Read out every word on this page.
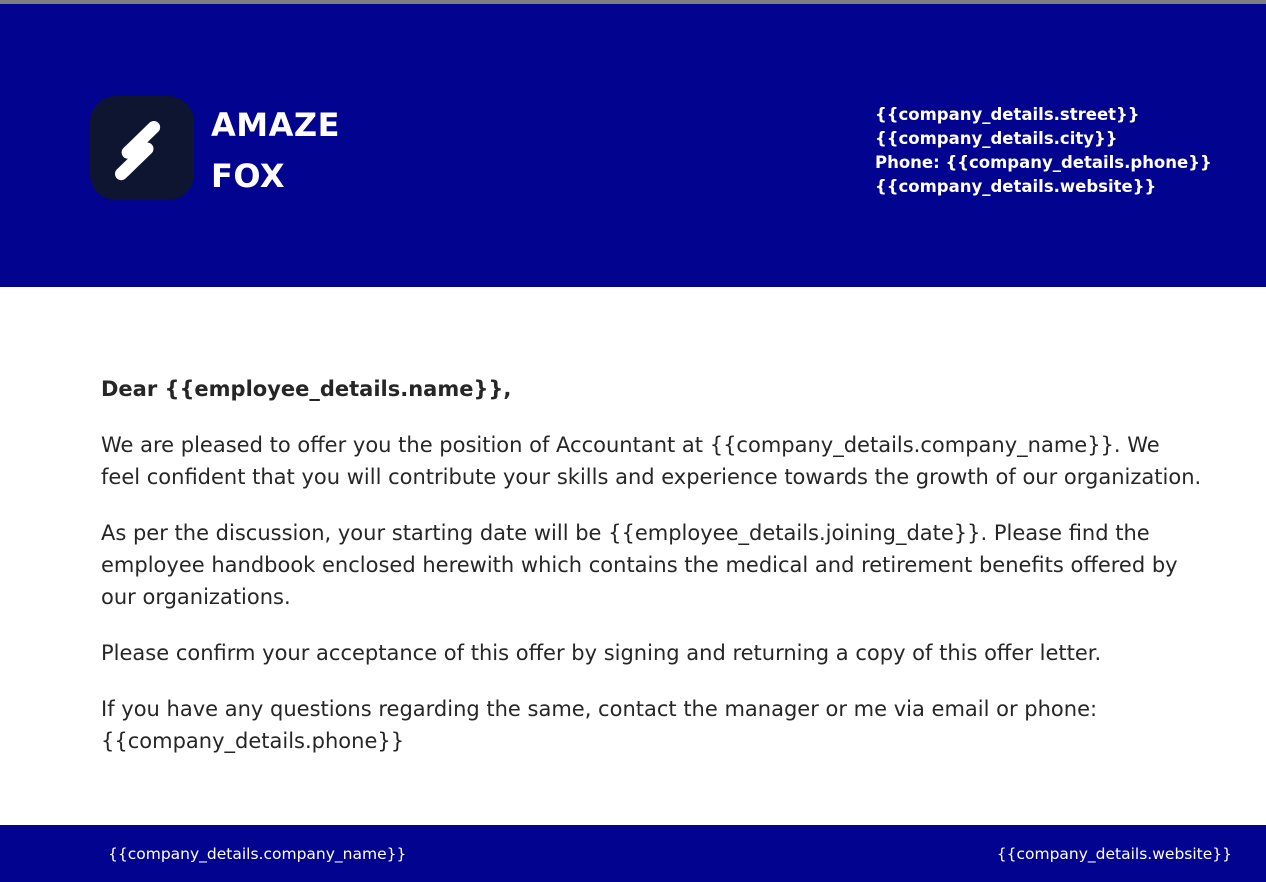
AMAZE
FOX
{{company_details.street}}
{{company_details.city}}
Phone: {{company_details.phone}}
{{company_details.website}}

Dear {{employee_details.name}},

We are pleased to offer you the position of Accountant at {{company_details.company_name}}. We feel confident that you will contribute your skills and experience towards the growth of our organization.

As per the discussion, your starting date will be {{employee_details.joining_date}}. Please find the employee handbook enclosed herewith which contains the medical and retirement benefits offered by our organizations.

Please confirm your acceptance of this offer by signing and returning a copy of this offer letter.

If you have any questions regarding the same, contact the manager or me via email or phone: {{company_details.phone}}

{{company_details.company_name}}	{{company_details.website}}
